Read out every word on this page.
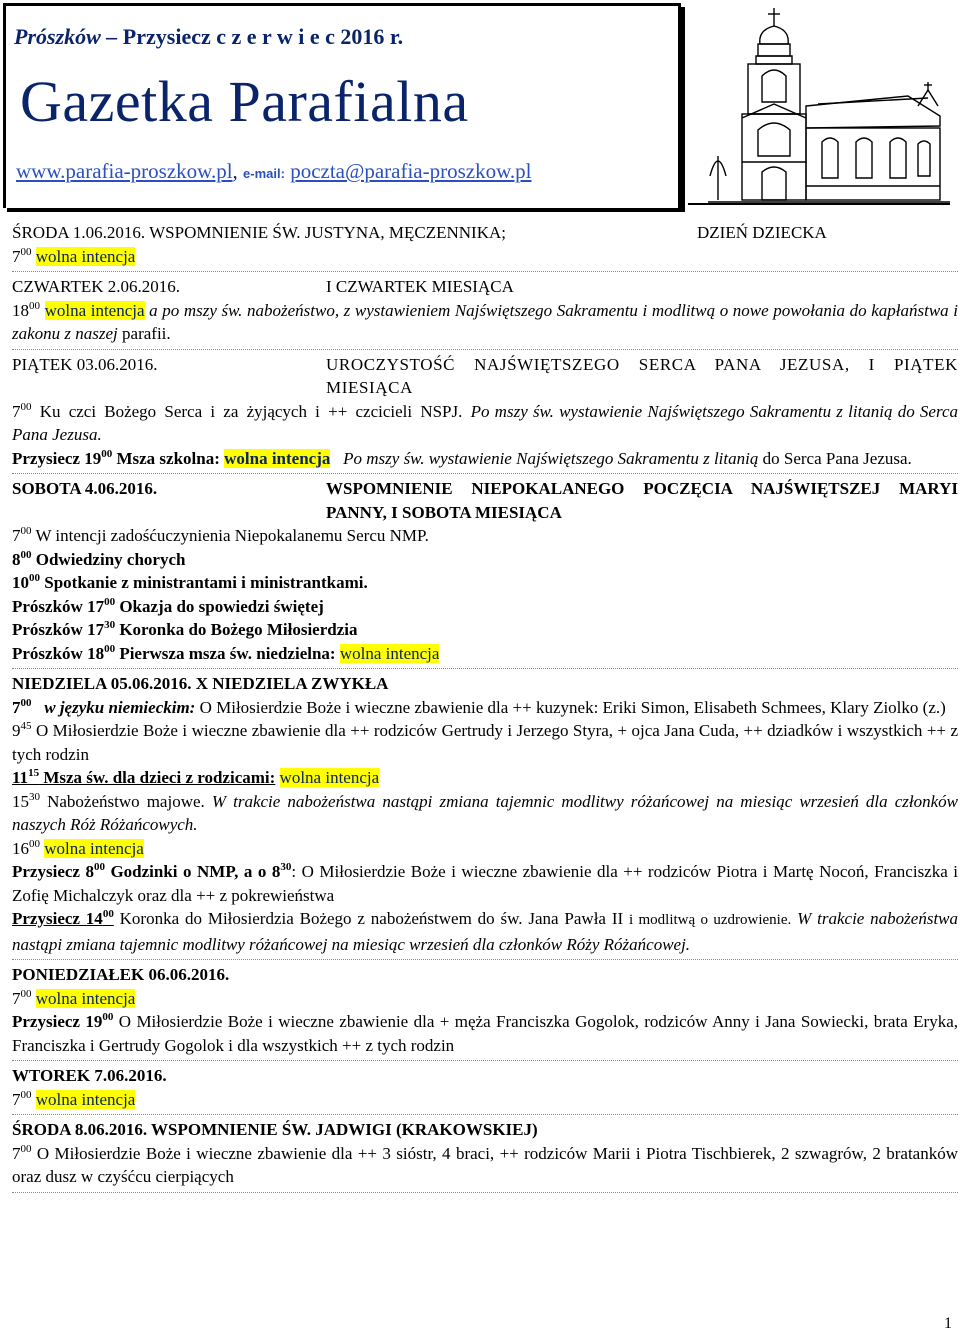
Prószków – Przysiecz c z e r w i e c 2016 r.
Gazetka Parafialna
www.parafia-proszkow.pl, e-mail: poczta@parafia-proszkow.pl
ŚRODA 1.06.2016. WSPOMNIENIE ŚW. JUSTYNA, MĘCZENNIKA;	DZIEŃ DZIECKA
$7^{00}$ wolna intencja
CZWARTEK 2.06.2016.	I CZWARTEK MIESIĄCA
$18^{00}$ wolna intencja a po mszy św. nabożeństwo, z wystawieniem Najświętszego Sakramentu i modlitwą o nowe powołania do kapłaństwa i zakonu z naszej parafii.
PIĄTEK 03.06.2016.	UROCZYSTOŚĆ NAJŚWIĘTSZEGO SERCA PANA JEZUSA, I PIĄTEK MIESIĄCA
$7^{00}$ Ku czci Bożego Serca i za żyjących i ++ czcicieli NSPJ. Po mszy św. wystawienie Najświętszego Sakramentu z litanią do Serca Pana Jezusa.
Przysiecz $19^{00}$ Msza szkolna: wolna intencja Po mszy św. wystawienie Najświętszego Sakramentu z litanią do Serca Pana Jezusa.
SOBOTA 4.06.2016.	WSPOMNIENIE NIEPOKALANEGO POCZĘCIA NAJŚWIĘTSZEJ MARYI PANNY, I SOBOTA MIESIĄCA
$7^{00}$ W intencji zadośćuczynienia Niepokalanemu Sercu NMP.
$8^{00}$ Odwiedziny chorych
$10^{00}$ Spotkanie z ministrantami i ministrantkami.
Prószków $17^{00}$ Okazja do spowiedzi świętej
Prószków $17^{30}$ Koronka do Bożego Miłosierdzia
Prószków $18^{00}$ Pierwsza msza św. niedzielna: wolna intencja
NIEDZIELA 05.06.2016. X NIEDZIELA ZWYKŁA
$7^{00}$ w języku niemieckim: O Miłosierdzie Boże i wieczne zbawienie dla ++ kuzynek: Eriki Simon, Elisabeth Schmees, Klary Ziolko (z.)
$9^{45}$ O Miłosierdzie Boże i wieczne zbawienie dla ++ rodziców Gertrudy i Jerzego Styra, + ojca Jana Cuda, ++ dziadków i wszystkich ++ z tych rodzin
$11^{15}$ Msza św. dla dzieci z rodzicami: wolna intencja
$15^{30}$ Nabożeństwo majowe. W trakcie nabożeństwa nastąpi zmiana tajemnic modlitwy różańcowej na miesiąc wrzesień dla członków naszych Róż Różańcowych.
$16^{00}$ wolna intencja
Przysiecz $8^{00}$ Godzinki o NMP, a o $8^{30}$: O Miłosierdzie Boże i wieczne zbawienie dla ++ rodziców Piotra i Martę Nocoń, Franciszka i Zofię Michalczyk oraz dla ++ z pokrewieństwa
Przysiecz $14^{00}$ Koronka do Miłosierdzia Bożego z nabożeństwem do św. Jana Pawła II i modlitwą o uzdrowienie. W trakcie nabożeństwa nastąpi zmiana tajemnic modlitwy różańcowej na miesiąc wrzesień dla członków Róży Różańcowej.
PONIEDZIAŁEK 06.06.2016.
$7^{00}$ wolna intencja
Przysiecz $19^{00}$ O Miłosierdzie Boże i wieczne zbawienie dla + męża Franciszka Gogolok, rodziców Anny i Jana Sowiecki, brata Eryka, Franciszka i Gertrudy Gogolok i dla wszystkich ++ z tych rodzin
WTOREK 7.06.2016.
$7^{00}$ wolna intencja
ŚRODA 8.06.2016. WSPOMNIENIE ŚW. JADWIGI (KRAKOWSKIEJ)
$7^{00}$ O Miłosierdzie Boże i wieczne zbawienie dla ++ 3 sióstr, 4 braci, ++ rodziców Marii i Piotra Tischbierek, 2 szwagrów, 2 bratanków oraz dusz w czyśćcu cierpiących
1
